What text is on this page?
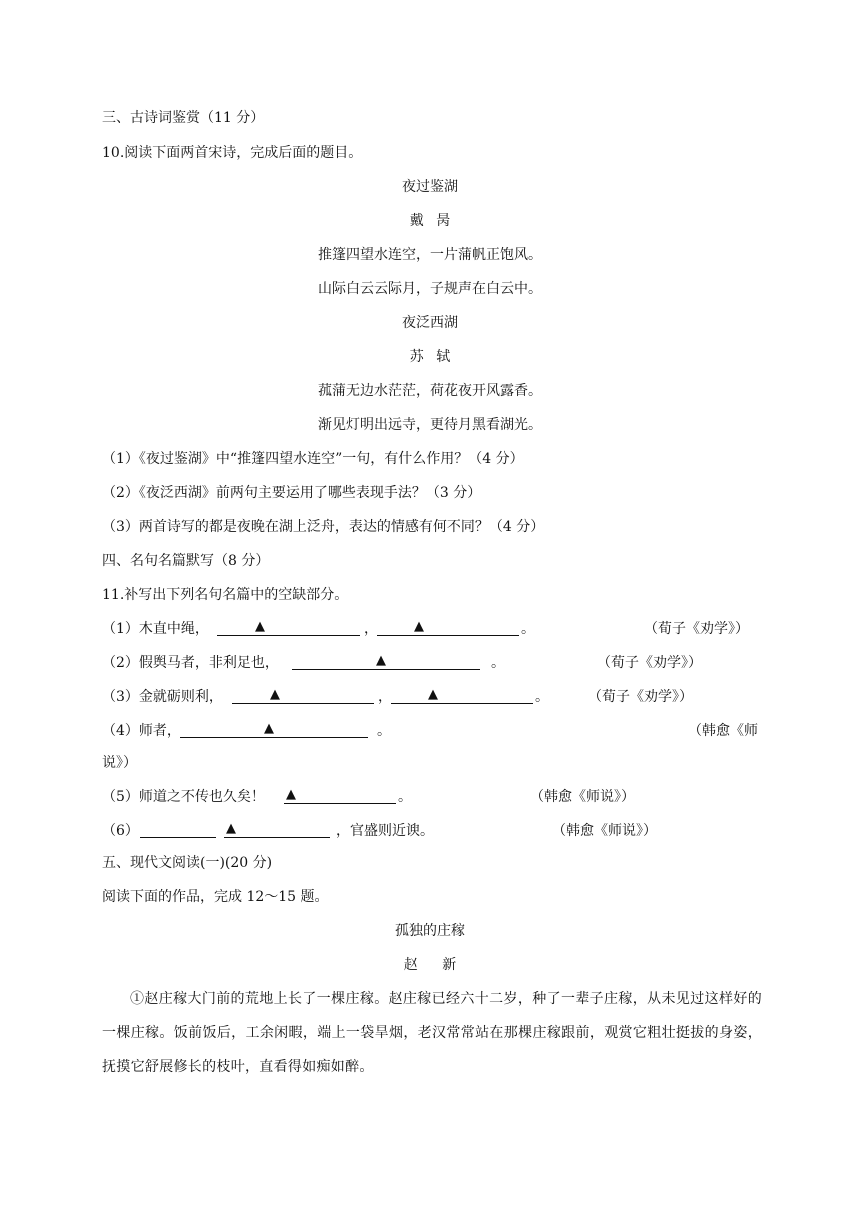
三、古诗词鉴赏（11 分）
10.阅读下面两首宋诗，完成后面的题目。
夜过鉴湖
戴 昺
推篷四望水连空，一片蒲帆正饱风。
山际白云云际月，子规声在白云中。
夜泛西湖
苏 轼
菰蒲无边水茫茫，荷花夜开风露香。
渐见灯明出远寺，更待月黑看湖光。
（1）《夜过鉴湖》中“推篷四望水连空”一句，有什么作用？（4 分）
（2）《夜泛西湖》前两句主要运用了哪些表现手法？（3 分）
（3）两首诗写的都是夜晚在湖上泛舟，表达的情感有何不同？（4 分）
四、名句名篇默写（8 分）
11.补写出下列名句名篇中的空缺部分。
（1）木直中绳，	▲	，	▲	。	（荀子《劝学》）
（2）假舆马者，非利足也，	▲	。	（荀子《劝学》）
（3）金就砺则利，	▲	，	▲	。	（荀子《劝学》）
（4）师者，	▲	。	（韩愈《师
说》）
（5）师道之不传也久矣！ ▲	。	（韩愈《师说》）
（6）	▲	，官盛则近谀。	（韩愈《师说》）
五、现代文阅读(一)(20 分)
阅读下面的作品，完成 12～15 题。
孤独的庄稼
赵 新
①赵庄稼大门前的荒地上长了一棵庄稼。赵庄稼已经六十二岁，种了一辈子庄稼，从未见过这样好的一棵庄稼。饭前饭后，工余闲暇，端上一袋旱烟，老汉常常站在那棵庄稼跟前，观赏它粗壮挺拔的身姿，抚摸它舒展修长的枝叶，直看得如痴如醉。
